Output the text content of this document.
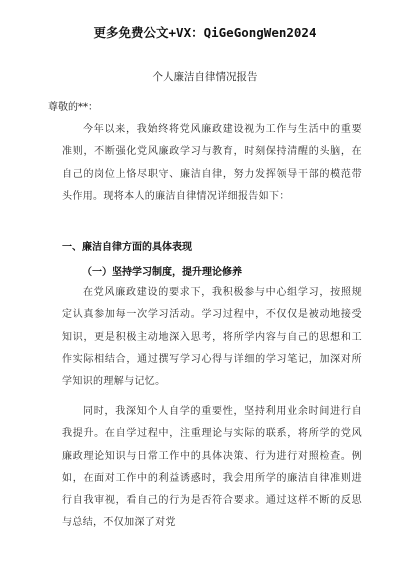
更多免费公文+VX：QiGeGongWen2024
个人廉洁自律情况报告
尊敬的**：
今年以来，我始终将党风廉政建设视为工作与生活中的重要准则，不断强化党风廉政学习与教育，时刻保持清醒的头脑，在自己的岗位上恪尽职守、廉洁自律，努力发挥领导干部的模范带头作用。现将本人的廉洁自律情况详细报告如下：
一、廉洁自律方面的具体表现
（一）坚持学习制度，提升理论修养
在党风廉政建设的要求下，我积极参与中心组学习，按照规定认真参加每一次学习活动。学习过程中，不仅仅是被动地接受知识，更是积极主动地深入思考，将所学内容与自己的思想和工作实际相结合，通过撰写学习心得与详细的学习笔记，加深对所学知识的理解与记忆。
同时，我深知个人自学的重要性，坚持利用业余时间进行自我提升。在自学过程中，注重理论与实际的联系，将所学的党风廉政理论知识与日常工作中的具体决策、行为进行对照检查。例如，在面对工作中的利益诱惑时，我会用所学的廉洁自律准则进行自我审视，看自己的行为是否符合要求。通过这样不断的反思与总结，不仅加深了对党
